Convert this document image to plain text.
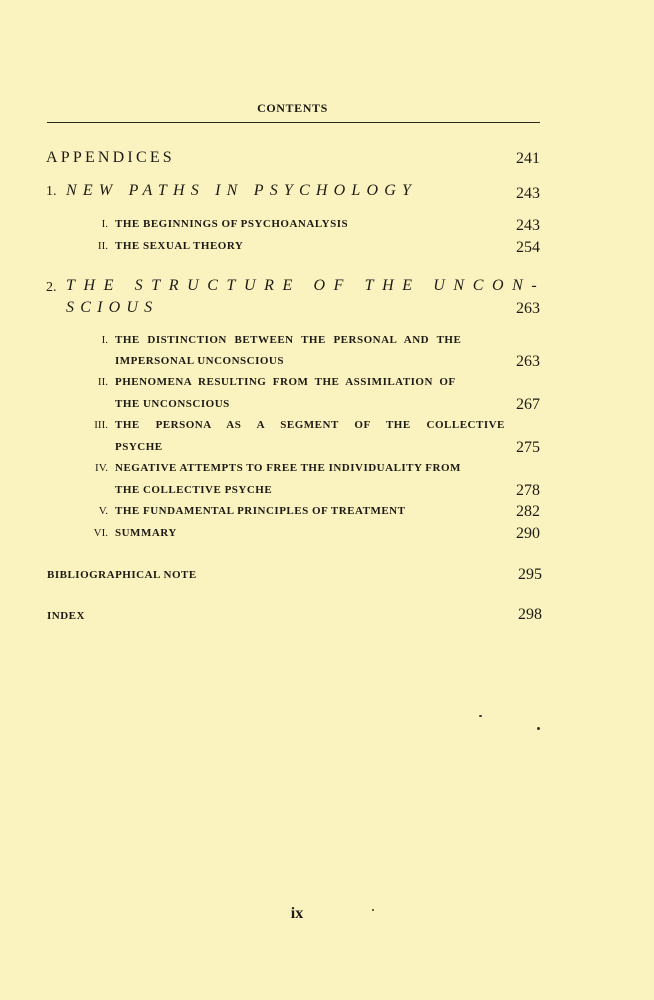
CONTENTS
APPENDICES	241
1. NEW PATHS IN PSYCHOLOGY	243
I. THE BEGINNINGS OF PSYCHOANALYSIS	243
II. THE SEXUAL THEORY	254
2. THE STRUCTURE OF THE UNCON-
SCIOUS	263
I. THE DISTINCTION BETWEEN THE PERSONAL AND THE
IMPERSONAL UNCONSCIOUS	263
II. PHENOMENA RESULTING FROM THE ASSIMILATION OF
THE UNCONSCIOUS	267
III. THE PERSONA AS A SEGMENT OF THE COLLECTIVE
PSYCHE	275
IV. NEGATIVE ATTEMPTS TO FREE THE INDIVIDUALITY FROM
THE COLLECTIVE PSYCHE	278
V. THE FUNDAMENTAL PRINCIPLES OF TREATMENT	282
VI. SUMMARY	290
BIBLIOGRAPHICAL NOTE	295
INDEX	298
ix
